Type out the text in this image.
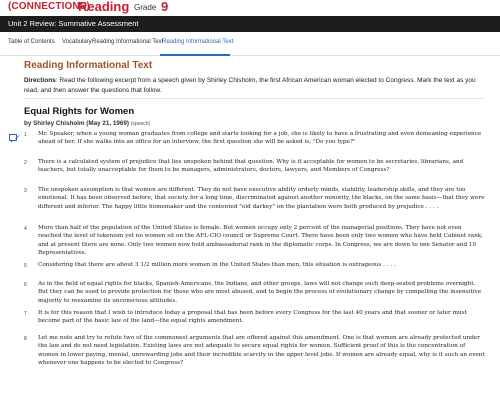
(CONNECTIONS)
Reading Grade 9
Unit 2 Review: Summative Assessment
Table of Contents Vocabulary Reading Informational Text
Reading Informational Text
Reading Informational Text
Directions: Read the following excerpt from a speech given by Shirley Chisholm, the first African American woman elected to Congress. Mark the text as you read, and then answer the questions that follow.
Equal Rights for Women
by Shirley Chisholm (May 21, 1969) (speech)
1 Mr. Speaker, when a young woman graduates from college and starts looking for a job, she is likely to have a frustrating and even demeaning experience ahead of her. If she walks into an office for an interview, the first question she will be asked is, "Do you type?"
2 There is a calculated system of prejudice that lies unspoken behind that question. Why is it acceptable for women to be secretaries, librarians, and teachers, but totally unacceptable for them to be managers, administrators, doctors, lawyers, and Members of Congress?
3 The unspoken assumption is that women are different. They do not have executive ability orderly minds, stability, leadership skills, and they are too emotional. It has been observed before, that society for a long time, discriminated against another minority, the blacks, on the same basis—that they were different and inferior. The happy little homemaker and the contented "old darkey" on the plantation were both produced by prejudice . . . .
4 More than half of the population of the United States is female. But women occupy only 2 percent of the managerial positions. They have not even reached the level of tokenism yet no women sit on the AFL-CIO council or Supreme Court. There have been only two women who have held Cabinet rank, and at present there are none. Only two women now hold ambassadorial rank in the diplomatic corps. In Congress, we are down to one Senator and 10 Representatives.
5 Considering that there are about 3 1/2 million more women in the United States than men, this situation is outrageous . . . .
6 As in the field of equal rights for blacks, Spanish-Americans, the Indians, and other groups, laws will not change such deep-seated problems overnight. But they can be used to provide protection for those who are most abused, and to begin the process of evolutionary change by compelling the insensitive majority to reexamine its unconscious attitudes.
7 It is for this reason that I wish to introduce today a proposal that has been before every Congress for the last 40 years and that sooner or later must become part of the basic law of the land—the equal rights amendment.
8 Let me note and try to refute two of the commonest arguments that are offered against this amendment. One is that women are already protected under the law and do not need legislation. Existing laws are not adequate to secure equal rights for women. Sufficient proof of this is the concentration of women in lower paying, menial, unrewarding jobs and their incredible scarcity in the upper level jobs. If women are already equal, why is it such an event whenever one happens to be elected to Congress?
